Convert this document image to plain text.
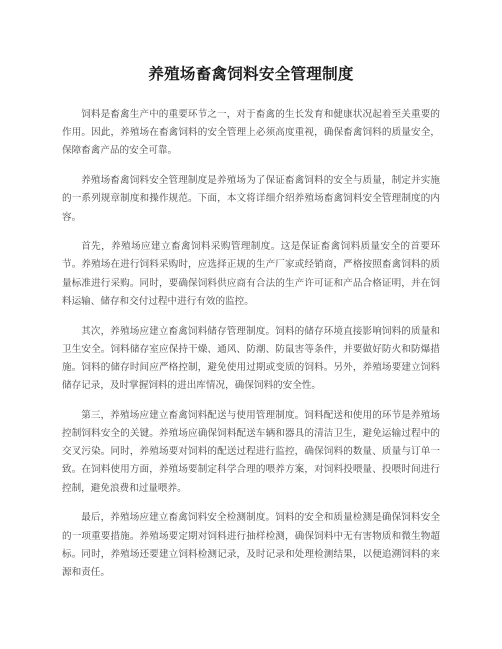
养殖场畜禽饲料安全管理制度

饲料是畜禽生产中的重要环节之一，对于畜禽的生长发育和健康状况起着至关重要的作用。因此，养殖场在畜禽饲料的安全管理上必须高度重视，确保畜禽饲料的质量安全，保障畜禽产品的安全可靠。

养殖场畜禽饲料安全管理制度是养殖场为了保证畜禽饲料的安全与质量，制定并实施的一系列规章制度和操作规范。下面，本文将详细介绍养殖场畜禽饲料安全管理制度的内容。

首先，养殖场应建立畜禽饲料采购管理制度。这是保证畜禽饲料质量安全的首要环节。养殖场在进行饲料采购时，应选择正规的生产厂家或经销商，严格按照畜禽饲料的质量标准进行采购。同时，要确保饲料供应商有合法的生产许可证和产品合格证明，并在饲料运输、储存和交付过程中进行有效的监控。

其次，养殖场应建立畜禽饲料储存管理制度。饲料的储存环境直接影响饲料的质量和卫生安全。饲料储存室应保持干燥、通风、防潮、防鼠害等条件，并要做好防火和防爆措施。饲料的储存时间应严格控制，避免使用过期或变质的饲料。另外，养殖场要建立饲料储存记录，及时掌握饲料的进出库情况，确保饲料的安全性。

第三，养殖场应建立畜禽饲料配送与使用管理制度。饲料配送和使用的环节是养殖场控制饲料安全的关键。养殖场应确保饲料配送车辆和器具的清洁卫生，避免运输过程中的交叉污染。同时，养殖场要对饲料的配送过程进行监控，确保饲料的数量、质量与订单一致。在饲料使用方面，养殖场要制定科学合理的喂养方案，对饲料投喂量、投喂时间进行控制，避免浪费和过量喂养。

最后，养殖场应建立畜禽饲料安全检测制度。饲料的安全和质量检测是确保饲料安全的一项重要措施。养殖场要定期对饲料进行抽样检测，确保饲料中无有害物质和微生物超标。同时，养殖场还要建立饲料检测记录，及时记录和处理检测结果，以便追溯饲料的来源和责任。
